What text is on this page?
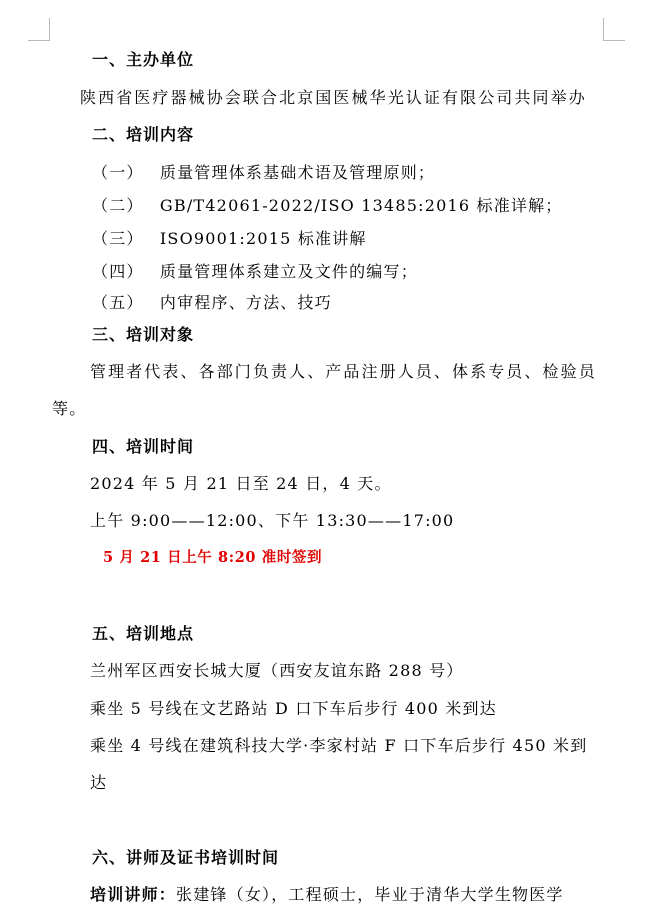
一、主办单位
陕西省医疗器械协会联合北京国医械华光认证有限公司共同举办
二、培训内容
（一） 质量管理体系基础术语及管理原则；
（二） GB/T42061-2022/ISO 13485:2016 标准详解；
（三） ISO9001:2015 标准讲解
（四） 质量管理体系建立及文件的编写；
（五） 内审程序、方法、技巧
三、培训对象
管理者代表、各部门负责人、产品注册人员、体系专员、检验员
等。
四、培训时间
2024 年 5 月 21 日至 24 日，4 天。
上午 9:00——12:00、下午 13:30——17:00
5 月 21 日上午 8:20 准时签到
五、培训地点
兰州军区西安长城大厦（西安友谊东路 288 号）
乘坐 5 号线在文艺路站 D 口下车后步行 400 米到达
乘坐 4 号线在建筑科技大学·李家村站 F 口下车后步行 450 米到
达
六、讲师及证书培训时间
培训讲师：张建锋（女），工程硕士，毕业于清华大学生物医学
